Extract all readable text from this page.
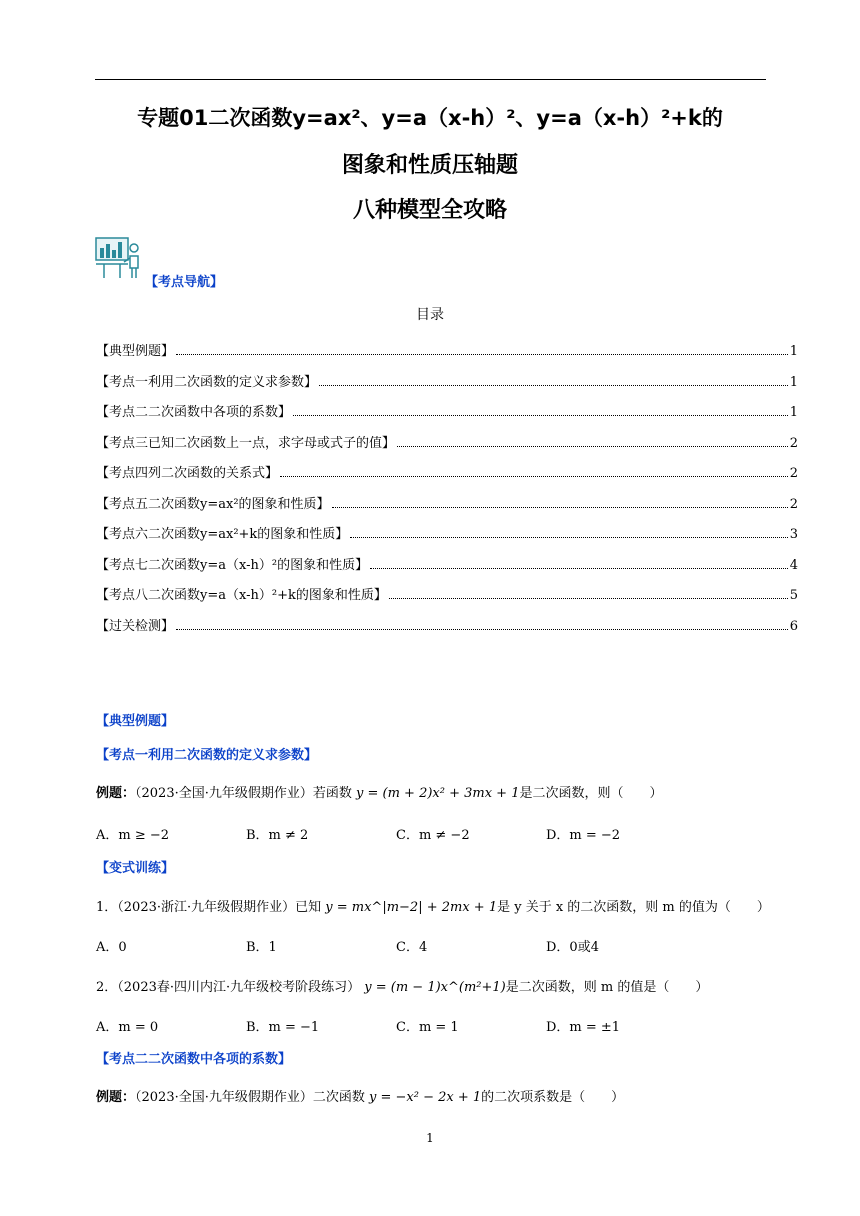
专题01二次函数y=ax²、y=a（x-h）²、y=a（x-h）²+k的
图象和性质压轴题
八种模型全攻略
【考点导航】
目录
【典型例题】	1
【考点一利用二次函数的定义求参数】	1
【考点二二次函数中各项的系数】	1
【考点三已知二次函数上一点，求字母或式子的值】	2
【考点四列二次函数的关系式】	2
【考点五二次函数y=ax²的图象和性质】	2
【考点六二次函数y=ax²+k的图象和性质】	3
【考点七二次函数y=a（x-h）²的图象和性质】	4
【考点八二次函数y=a（x-h）²+k的图象和性质】	5
【过关检测】	6
【典型例题】
【考点一利用二次函数的定义求参数】
例题：（2023·全国·九年级假期作业）若函数 y = (m + 2)x² + 3mx + 1是二次函数，则（　　）
A．m ≥ −2	B．m ≠ 2	C．m ≠ −2	D．m = −2
【变式训练】
1．（2023·浙江·九年级假期作业）已知 y = mx^|m−2| + 2mx + 1是 y 关于 x 的二次函数，则 m 的值为（　　）
A．0	B．1	C．4	D．0或4
2．（2023春·四川内江·九年级校考阶段练习） y = (m − 1)x^(m²+1)是二次函数，则 m 的值是（　　）
A．m = 0	B．m = −1	C．m = 1	D．m = ±1
【考点二二次函数中各项的系数】
例题：（2023·全国·九年级假期作业）二次函数 y = −x² − 2x + 1的二次项系数是（　　）
1
